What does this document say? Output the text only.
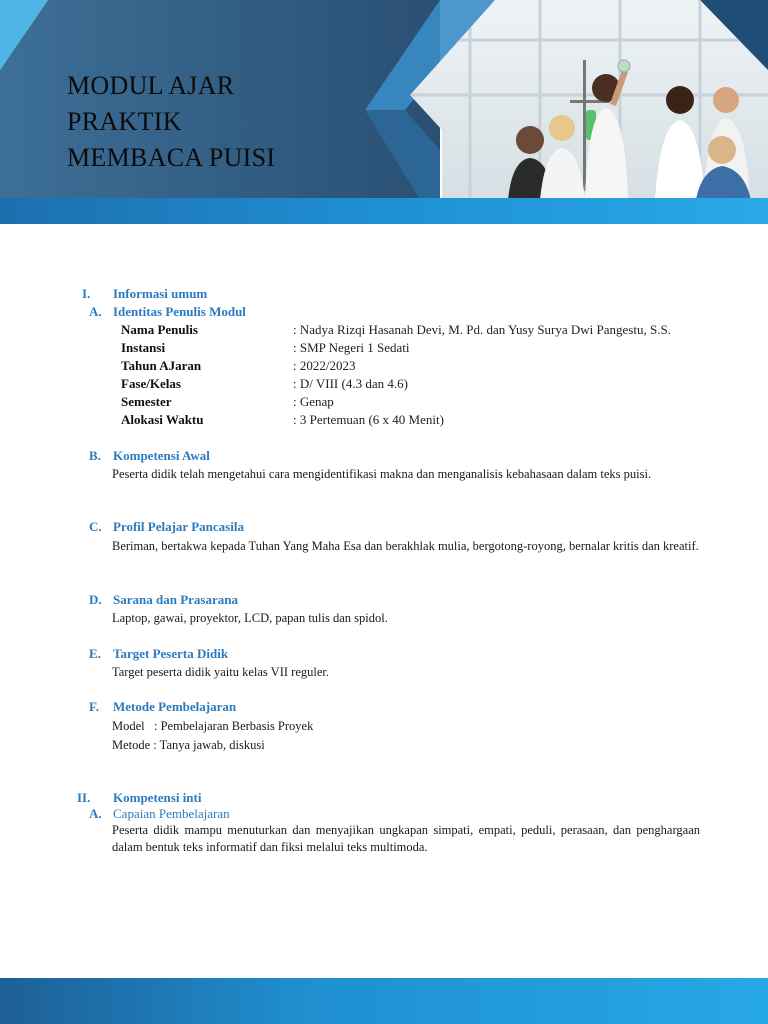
MODUL AJAR
PRAKTIK
MEMBACA PUISI
I. Informasi umum
A. Identitas Penulis Modul
Nama Penulis	: Nadya Rizqi Hasanah Devi, M. Pd. dan Yusy Surya Dwi Pangestu, S.S.
Instansi	: SMP Negeri 1 Sedati
Tahun AJaran	: 2022/2023
Fase/Kelas	: D/ VIII (4.3 dan 4.6)
Semester	: Genap
Alokasi Waktu	: 3 Pertemuan (6 x 40 Menit)
B. Kompetensi Awal
Peserta didik telah mengetahui cara mengidentifikasi makna dan menganalisis kebahasaan dalam teks puisi.
C. Profil Pelajar Pancasila
Beriman, bertakwa kepada Tuhan Yang Maha Esa dan berakhlak mulia, bergotong-royong, bernalar kritis dan kreatif.
D. Sarana dan Prasarana
Laptop, gawai, proyektor, LCD, papan tulis dan spidol.
E. Target Peserta Didik
Target peserta didik yaitu kelas VII reguler.
F. Metode Pembelajaran
Model   : Pembelajaran Berbasis Proyek
Metode : Tanya jawab, diskusi
II. Kompetensi inti
A. Capaian Pembelajaran
Peserta didik mampu menuturkan dan menyajikan ungkapan simpati, empati, peduli, perasaan, dan penghargaan dalam bentuk teks informatif dan fiksi melalui teks multimoda.
